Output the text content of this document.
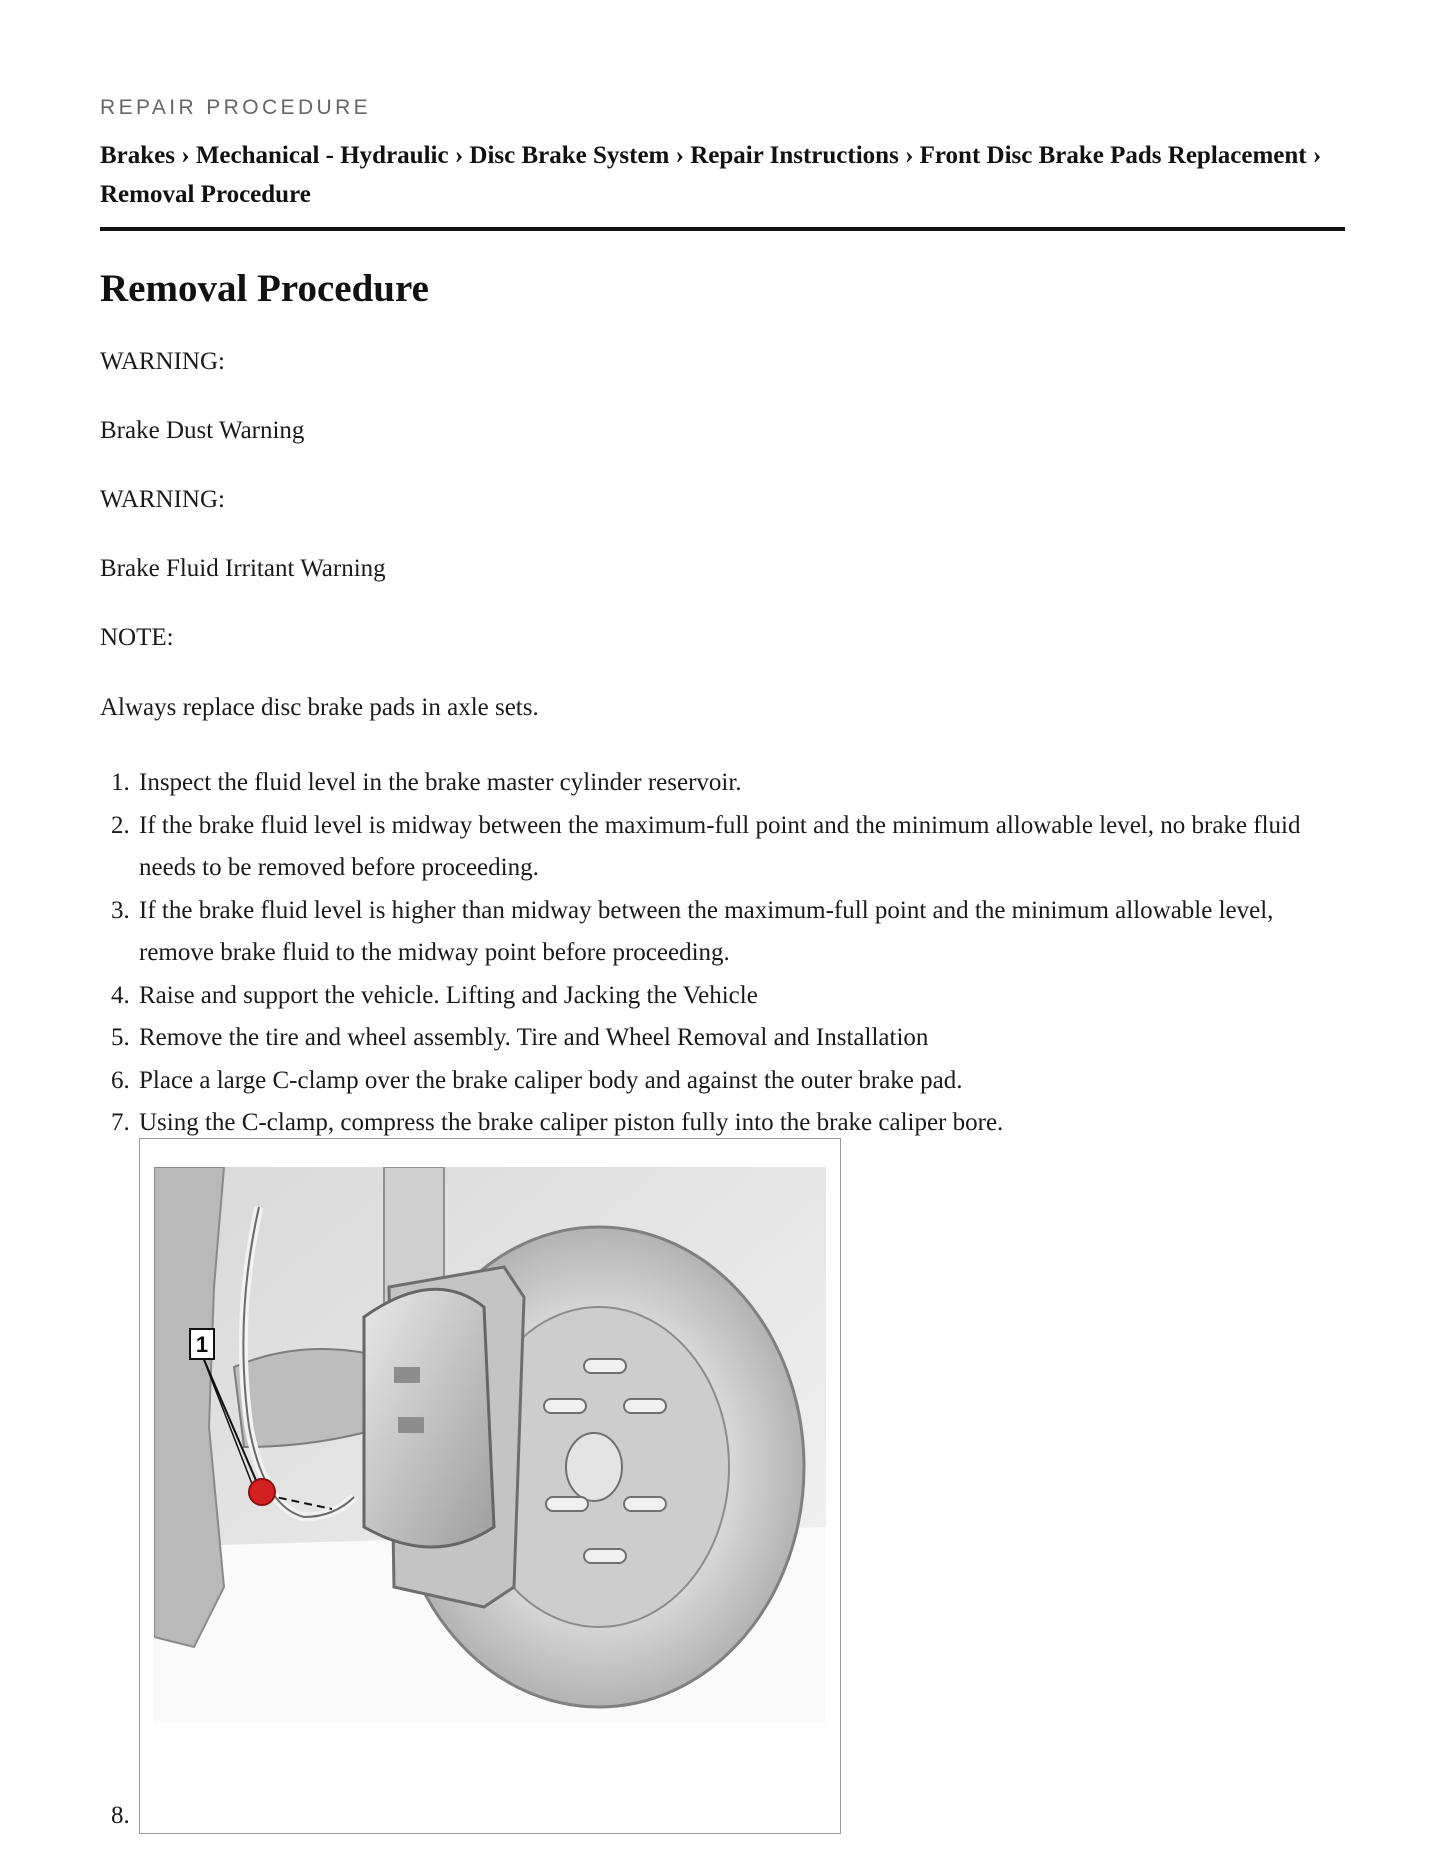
REPAIR PROCEDURE
Brakes › Mechanical - Hydraulic › Disc Brake System › Repair Instructions › Front Disc Brake Pads Replacement › Removal Procedure
Removal Procedure

WARNING:

Brake Dust Warning

WARNING:

Brake Fluid Irritant Warning

NOTE:

Always replace disc brake pads in axle sets.

1. Inspect the fluid level in the brake master cylinder reservoir.
2. If the brake fluid level is midway between the maximum-full point and the minimum allowable level, no brake fluid needs to be removed before proceeding.
3. If the brake fluid level is higher than midway between the maximum-full point and the minimum allowable level, remove brake fluid to the midway point before proceeding.
4. Raise and support the vehicle. Lifting and Jacking the Vehicle
5. Remove the tire and wheel assembly. Tire and Wheel Removal and Installation
6. Place a large C-clamp over the brake caliper body and against the outer brake pad.
7. Using the C-clamp, compress the brake caliper piston fully into the brake caliper bore.
8.
1
